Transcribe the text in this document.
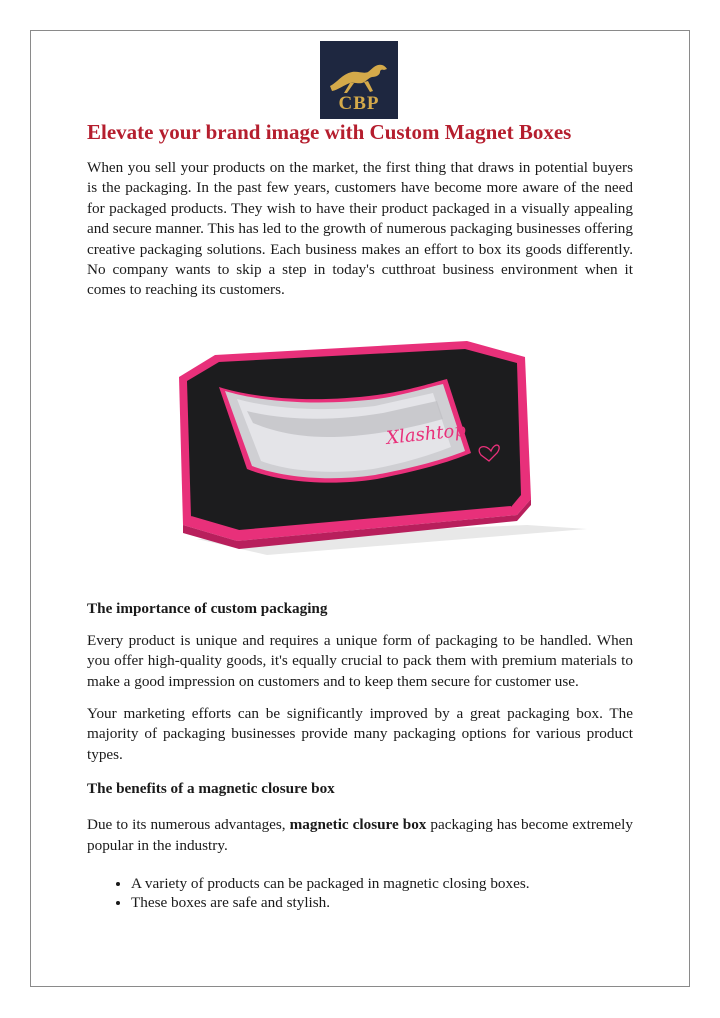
CBP
Elevate your brand image with Custom Magnet Boxes

When you sell your products on the market, the first thing that draws in potential buyers is the packaging. In the past few years, customers have become more aware of the need for packaged products. They wish to have their product packaged in a visually appealing and secure manner. This has led to the growth of numerous packaging businesses offering creative packaging solutions. Each business makes an effort to box its goods differently. No company wants to skip a step in today's cutthroat business environment when it comes to reaching its customers.

Xlashtop
The importance of custom packaging

Every product is unique and requires a unique form of packaging to be handled. When you offer high-quality goods, it's equally crucial to pack them with premium materials to make a good impression on customers and to keep them secure for customer use.

Your marketing efforts can be significantly improved by a great packaging box. The majority of packaging businesses provide many packaging options for various product types.

The benefits of a magnetic closure box

Due to its numerous advantages, magnetic closure box packaging has become extremely popular in the industry.

• A variety of products can be packaged in magnetic closing boxes.
• These boxes are safe and stylish.
